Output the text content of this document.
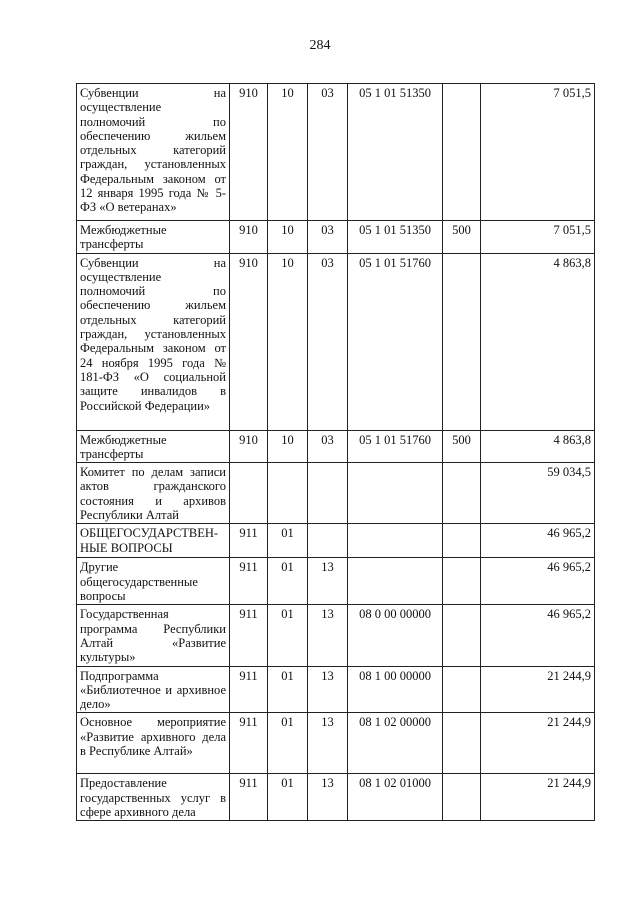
284
Субвенции на осуществление полномочий по обеспечению жильем отдельных категорий граждан, установленных Федеральным законом от 12 января 1995 года № 5-ФЗ «О ветеранах»	910	10	03	05 1 01 51350		7 051,5
Межбюджетные трансферты	910	10	03	05 1 01 51350	500	7 051,5
Субвенции на осуществление полномочий по обеспечению жильем отдельных категорий граждан, установленных Федеральным законом от 24 ноября 1995 года № 181-ФЗ «О социальной защите инвалидов в Российской Федерации»	910	10	03	05 1 01 51760		4 863,8
Межбюджетные трансферты	910	10	03	05 1 01 51760	500	4 863,8
Комитет по делам записи актов гражданского состояния и архивов Республики Алтай						59 034,5
ОБЩЕГОСУДАРСТВЕН-НЫЕ ВОПРОСЫ	911	01				46 965,2
Другие общегосударственные вопросы	911	01	13			46 965,2
Государственная программа Республики Алтай «Развитие культуры»	911	01	13	08 0 00 00000		46 965,2
Подпрограмма «Библиотечное и архивное дело»	911	01	13	08 1 00 00000		21 244,9
Основное мероприятие «Развитие архивного дела в Республике Алтай»	911	01	13	08 1 02 00000		21 244,9
Предоставление государственных услуг в сфере архивного дела	911	01	13	08 1 02 01000		21 244,9
